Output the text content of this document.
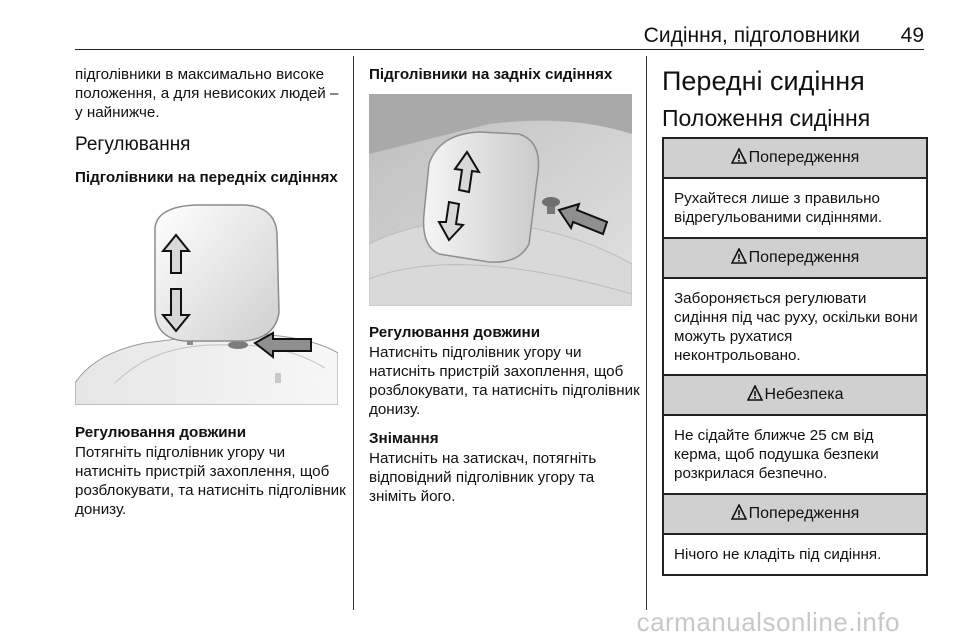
Сидіння, підголовники 49
підголівники в максимально високе положення, а для невисоких людей – у найнижче.
Регулювання
Підголівники на передніх сидіннях
Регулювання довжини
Потягніть підголівник угору чи натисніть пристрій захоплення, щоб розблокувати, та натисніть підголівник донизу.
Підголівники на задніх сидіннях
Регулювання довжини
Натисніть підголівник угору чи натисніть пристрій захоплення, щоб розблокувати, та натисніть підголівник донизу.
Знімання
Натисніть на затискач, потягніть відповідний підголівник угору та зніміть його.
Передні сидіння
Положення сидіння
Попередження
Рухайтеся лише з правильно відрегульованими сидіннями.
Попередження
Забороняється регулювати сидіння під час руху, оскільки вони можуть рухатися неконтрольовано.
Небезпека
Не сідайте ближче 25 см від керма, щоб подушка безпеки розкрилася безпечно.
Попередження
Нічого не кладіть під сидіння.
carmanualsonline.info
